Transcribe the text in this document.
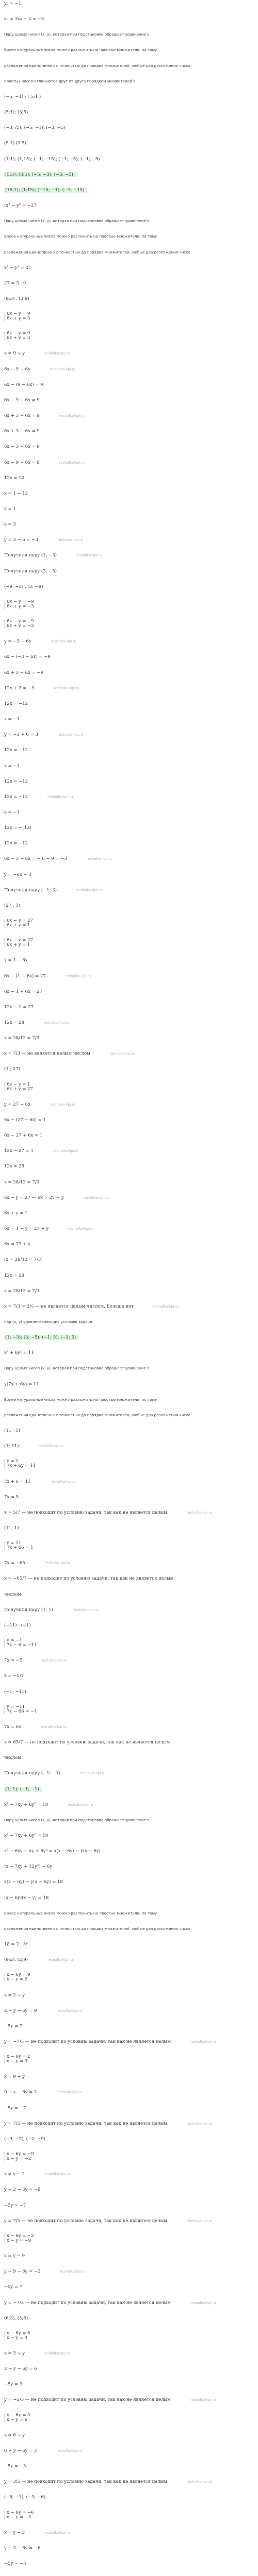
y₀ = −1
x₀ = 3y₀ − 2 = −5
Пару целых чисел (x; y), которая при подстановке обращает уравнение в
Более натуральные числа можно разложить на простые множители, по тому
разложения единственно с точностью до порядка множителей, любые два разложения числа
простых чисел отличаются друг от друга порядком множителей в
(−5; −1) ; ( 5;1 )
(5;1); (3;5)
(−3; ∕5); (−5; −1); (−3; −5)
(5 1) (3 5)
(1;1); (1;15); (−1; −15); (−1; −5); (−1; −5)
(5;3); (3;5); (−5; −3); (−3; −5);
(15;1); (1;15); (−15; −1); (−1; −15)
(x² − y² = −27
Пару целых чисел (x; y), которая при подстановке обращает уравнение в
Более натуральные числа можно разложить на простые множители, по тому
разложения единственно с точностью до порядка множителей, любые два разложения числа
x² − y² = 27
27 = 3 · 9
(9;3) , (3;9)
6x − y = 9
6x + y = 3
6x − y = 9
6x + y = 3
x = 9 + y	reshalka-kpi.ru
6x − 9 − 6y	reshalka-kpi.ru
6x − (9 − 6x) = 9
6x − 9 + 6x = 9
6x + 3 − 6x = 9	reshalka-kpi.ru
6x + 3 − 6x = 9
6x − 3 − 6x = 9
6x − 9 + 6x = 9	reshalka-kpi.ru
12x = 12
x = 1 − 12
x = 1
x = 3
y = 3 − 6 = −3	reshalka-kpi.ru
Получили пару (1; −3)	reshalka-kpi.ru
Получили пару (3; −5)
(−9; −3) , (3; −9)
6x − y = −9
6x + y = −3
6x − y = −9
6x + y = −3
y = −3 − 6x	reshalka-kpi.ru
6x − (−3 − 6x) = −9
6x + 3 + 6x = −9
12x + 3 = −9	reshalka-kpi.ru
12x = −12
x = −1
y = −3 + 6 = 3	reshalka-kpi.ru
12x = −12
x = −1
12x = −12
12x = −12	reshalka-kpi.ru
x = −1
12x = −(12)
12x = −12
6x − 3 − 6x = − 6 − 9 = −3	reshalka-kpi.ru
y = −6x − 3
Получили пару (−1; 3)	reshalka-kpi.ru
(27 ; 1)
6x − y = 27
6x + y = 1
6x − y = 27
6x + y = 1
y = 1 − 6x
6x − (1 − 6x) = 27	reshalka-kpi.ru
6x − 1 + 6x = 27
12x − 1 = 27
12x = 28	reshalka-kpi.ru
x = 28/12 = 7/3
x = 7/3 — не является целым числом	reshalka-kpi.ru
(1 ; 27)
6x − y = 1
6x + y = 27
y = 27 − 6x	reshalka-kpi.ru
6x − (27 − 6x) = 1
6x − 27 + 6x = 1
12x − 27 = 1	reshalka-kpi.ru
12x = 28
x = 28/12 = 7/3
6x − y = 27 — 6x = 27 + y	reshalka-kpi.ru
6x + y = 1
6x = 1 − y = 27 + y	reshalka-kpi.ru
6x = 27 + y
(x = 28/12 = 7/3)
12x = 28
x = 28/12 = 7/3
x = 7/3 = 2⅓ — не является целым числом. Больше нет	reshalka-kpi.ru
пар (x; y) удовлетворяющих условию задачи.
(1; −3); (3; −5); (−1; 3); (−3; 5)
x² + 6y² = 11
Пару целых чисел (x; y), которая при подстановке обращает уравнение в
y(7x + 6y) = 11
Более натуральные числа можно разложить на простые множители, по тому
разложения единственно с точностью до порядка множителей, любые два разложения числа
(11 · 1)
(1; 11)	reshalka-kpi.ru
y = 1
7x + 6y = 11
7x + 6 = 11	reshalka-kpi.ru
7x = 5
x = 5/7 — не подходит по условию задачи, так как не является целым	reshalka-kpi.ru
(11; 1)
y = 11
7x + 66 = 1
7x = −65	reshalka-kpi.ru
x = −65/7 — не подходит по условию задачи, так как не является целым
числом
Получили пару (1; 1)	reshalka-kpi.ru
(−11) · (−1)
y = −1
7x − 6 = −11
7x = −5	reshalka-kpi.ru
x = −5/7
(−1; −11)
y = −11
7x − 66 = −1
7x = 65	reshalka-kpi.ru
x = 65/7 — не подходит по условию задачи, так как не является целым
числом
Получили пару (−1; −1)	reshalka-kpi.ru
(1; 1); (−1; −1)
x² − 7xy + 6y² = 18	reshalka-kpi.ru
Пару целых чисел (x; y), которая при подстановке обращает уравнение в
x² − 7xy + 6y² = 18
x² − 6xy − xy + 6y² = x(x − 6y) − y(x − 6y)
(x − 7xy + 12y²) − 6y
x(x − 6y) − y(x − 6y) = 18
(x − 6y)(x − y) = 18
Более натуральные числа можно разложить на простые множители, по тому
разложения единственно с точностью до порядка множителей, любые два разложения числа
18 = 2 · 3²
(9;2), (2;9)	reshalka-kpi.ru
x − 6y = 9
x − y = 2
x = 2 + y
2 + y − 6y = 9	reshalka-kpi.ru
−5y = 7
y = −7/5 — не подходит по условию задачи, так как не является целым	reshalka-kpi.ru
x − 6y = 2
x − y = 9
x = 9 + y
9 + y − 6y = 2	reshalka-kpi.ru
−5y = −7
y = 7/5 — не подходит по условию задачи, так как не является целым	reshalka-kpi.ru
(−9; −2), (−2; −9)
x − 6y = −9
x − y = −2
x = y − 2	reshalka-kpi.ru
y − 2 − 6y = −9
−5y = −7
y = 7/5 — не подходит по условию задачи, так как не является целым	reshalka-kpi.ru
x − 6y = −2
x − y = −9
x = y − 9
y − 9 − 6y = −2	reshalka-kpi.ru
−5y = 7
y = −7/5 — не подходит по условию задачи, так как не является целым	reshalka-kpi.ru
(6;3), (3;6)
x − 6y = 6
x − y = 3
x = 3 + y	reshalka-kpi.ru
3 + y − 6y = 6
−5y = 3
y = −3/5 — не подходит по условию задачи, так как не является целым	reshalka-kpi.ru
x − 6y = 3
x − y = 6
x = 6 + y
6 + y − 6y = 3	reshalka-kpi.ru
−5y = −3
y = 3/5 — не подходит по условию задачи, так как не является целым	reshalka-kpi.ru
(−6; −3), (−3; −6)
x − 6y = −6
x − y = −3
x = y − 3	reshalka-kpi.ru
y − 3 − 6y = −6
−5y = −3
